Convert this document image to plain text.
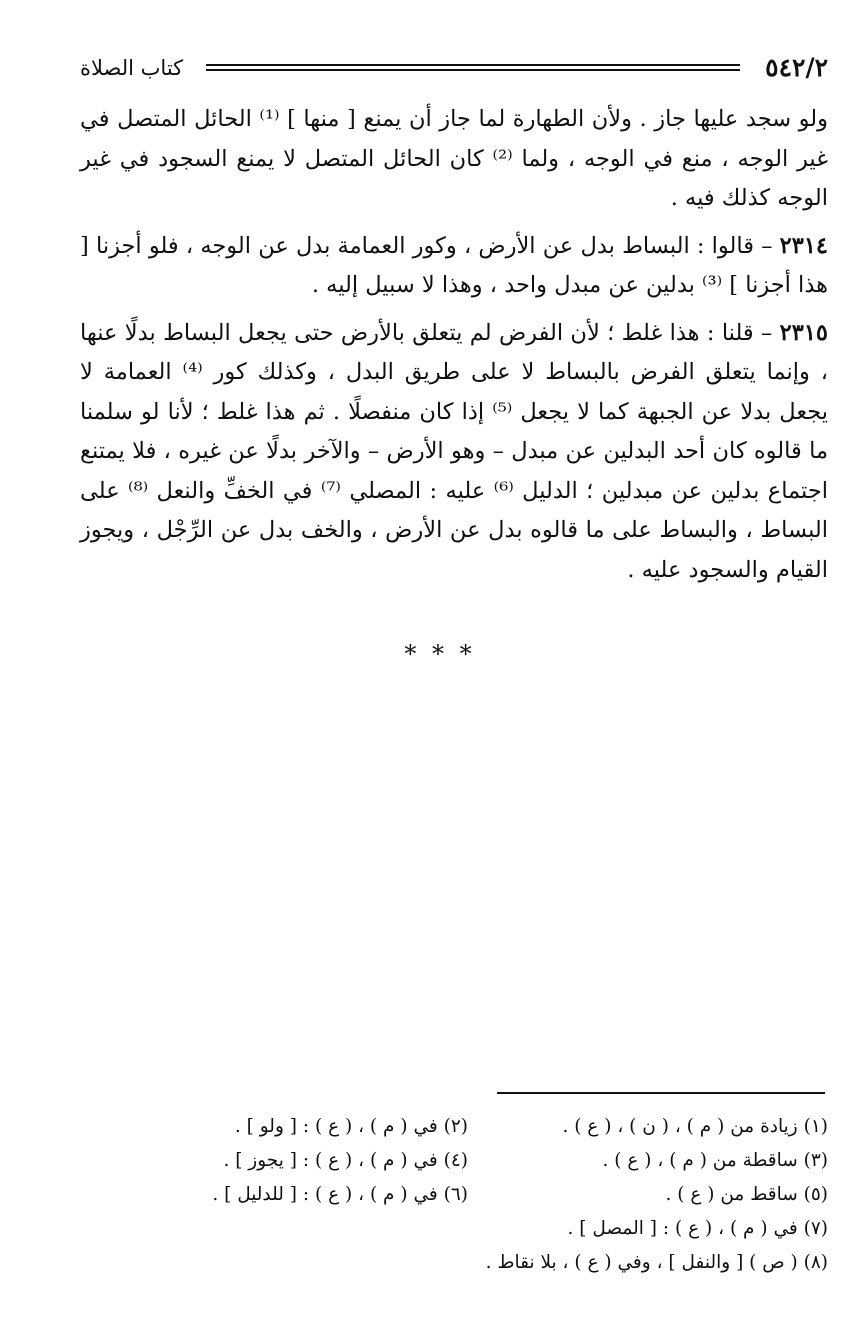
٥٤٢/٢
كتاب الصلاة

ولو سجد عليها جاز . ولأن الطهارة لما جاز أن يمنع [ منها ] ⁽¹⁾ الحائل المتصل في غير الوجه ، منع في الوجه ، ولما ⁽²⁾ كان الحائل المتصل لا يمنع السجود في غير الوجه كذلك فيه .

٢٣١٤ – قالوا : البساط بدل عن الأرض ، وكور العمامة بدل عن الوجه ، فلو أجزنا [ هذا أجزنا ] ⁽³⁾ بدلين عن مبدل واحد ، وهذا لا سبيل إليه .

٢٣١٥ – قلنا : هذا غلط ؛ لأن الفرض لم يتعلق بالأرض حتى يجعل البساط بدلًا عنها ، وإنما يتعلق الفرض بالبساط لا على طريق البدل ، وكذلك كور ⁽⁴⁾ العمامة لا يجعل بدلا عن الجبهة كما لا يجعل ⁽⁵⁾ إذا كان منفصلًا . ثم هذا غلط ؛ لأنا لو سلمنا ما قالوه كان أحد البدلين عن مبدل – وهو الأرض – والآخر بدلًا عن غيره ، فلا يمتنع اجتماع بدلين عن مبدلين ؛ الدليل ⁽⁶⁾ عليه : المصلي ⁽⁷⁾ في الخفِّ والنعل ⁽⁸⁾ على البساط ، والبساط على ما قالوه بدل عن الأرض ، والخف بدل عن الرِّجْل ، ويجوز القيام والسجود عليه .

* * *
(١) زيادة من ( م ) ، ( ن ) ، ( ع ) .
(٢) في ( م ) ، ( ع ) : [ ولو ] .
(٣) ساقطة من ( م ) ، ( ع ) .
(٤) في ( م ) ، ( ع ) : [ يجوز ] .
(٥) ساقط من ( ع ) .
(٦) في ( م ) ، ( ع ) : [ للدليل ] .
(٧) في ( م ) ، ( ع ) : [ المصل ] .
(٨) ( ص ) [ والنفل ] ، وفي ( ع ) ، بلا نقاط .
